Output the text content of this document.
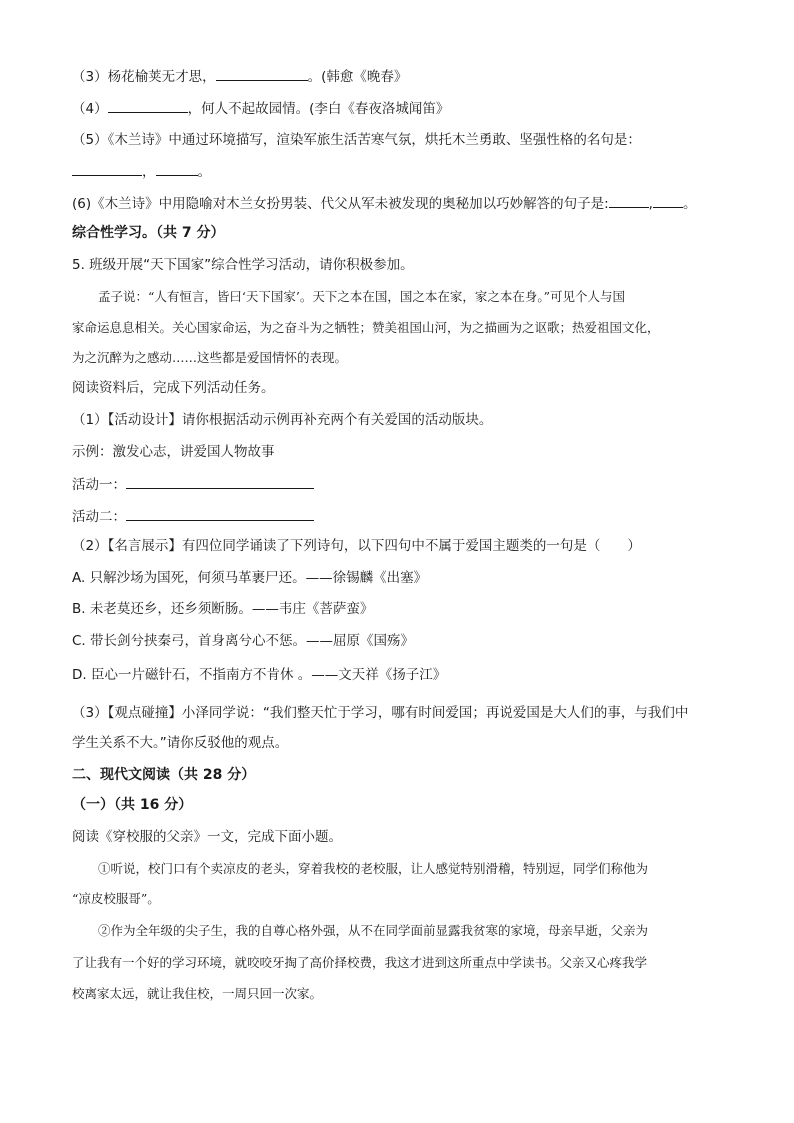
（3）杨花榆荚无才思，	。(韩愈《晚春》
（4）	，何人不起故园情。(李白《春夜洛城闻笛》
（5）《木兰诗》中通过环境描写，渲染军旅生活苦寒气氛，烘托木兰勇敢、坚强性格的名句是：
，	。
(6)《木兰诗》中用隐喻对木兰女扮男装、代父从军未被发现的奥秘加以巧妙解答的句子是:	, 。
综合性学习。（共 7 分）
5. 班级开展“天下国家”综合性学习活动，请你积极参加。
孟子说：“人有恒言，皆曰‘天下国家’。天下之本在国，国之本在家，家之本在身。”可见个人与国
家命运息息相关。关心国家命运，为之奋斗为之牺牲；赞美祖国山河，为之描画为之讴歌；热爱祖国文化，
为之沉醉为之感动……这些都是爱国情怀的表现。
阅读资料后，完成下列活动任务。
（1）【活动设计】请你根据活动示例再补充两个有关爱国的活动版块。
示例：激发心志，讲爱国人物故事
活动一：
活动二：
（2）【名言展示】有四位同学诵读了下列诗句，以下四句中不属于爱国主题类的一句是（　　）
A. 只解沙场为国死，何须马革裹尸还。——徐锡麟《出塞》
B. 未老莫还乡，还乡须断肠。——韦庄《菩萨蛮》
C. 带长剑兮挟秦弓，首身离兮心不惩。——屈原《国殇》
D. 臣心一片磁针石，不指南方不肯休 。——文天祥《扬子江》
（3）【观点碰撞】小泽同学说：“我们整天忙于学习，哪有时间爱国；再说爱国是大人们的事，与我们中
学生关系不大。”请你反驳他的观点。
二、现代文阅读（共 28 分）
（一）（共 16 分）
阅读《穿校服的父亲》一文，完成下面小题。
①听说，校门口有个卖凉皮的老头，穿着我校的老校服，让人感觉特别滑稽，特别逗，同学们称他为
“凉皮校服哥”。
②作为全年级的尖子生，我的自尊心格外强，从不在同学面前显露我贫寒的家境，母亲早逝，父亲为
了让我有一个好的学习环境，就咬咬牙掏了高价择校费，我这才进到这所重点中学读书。父亲又心疼我学
校离家太远，就让我住校，一周只回一次家。
